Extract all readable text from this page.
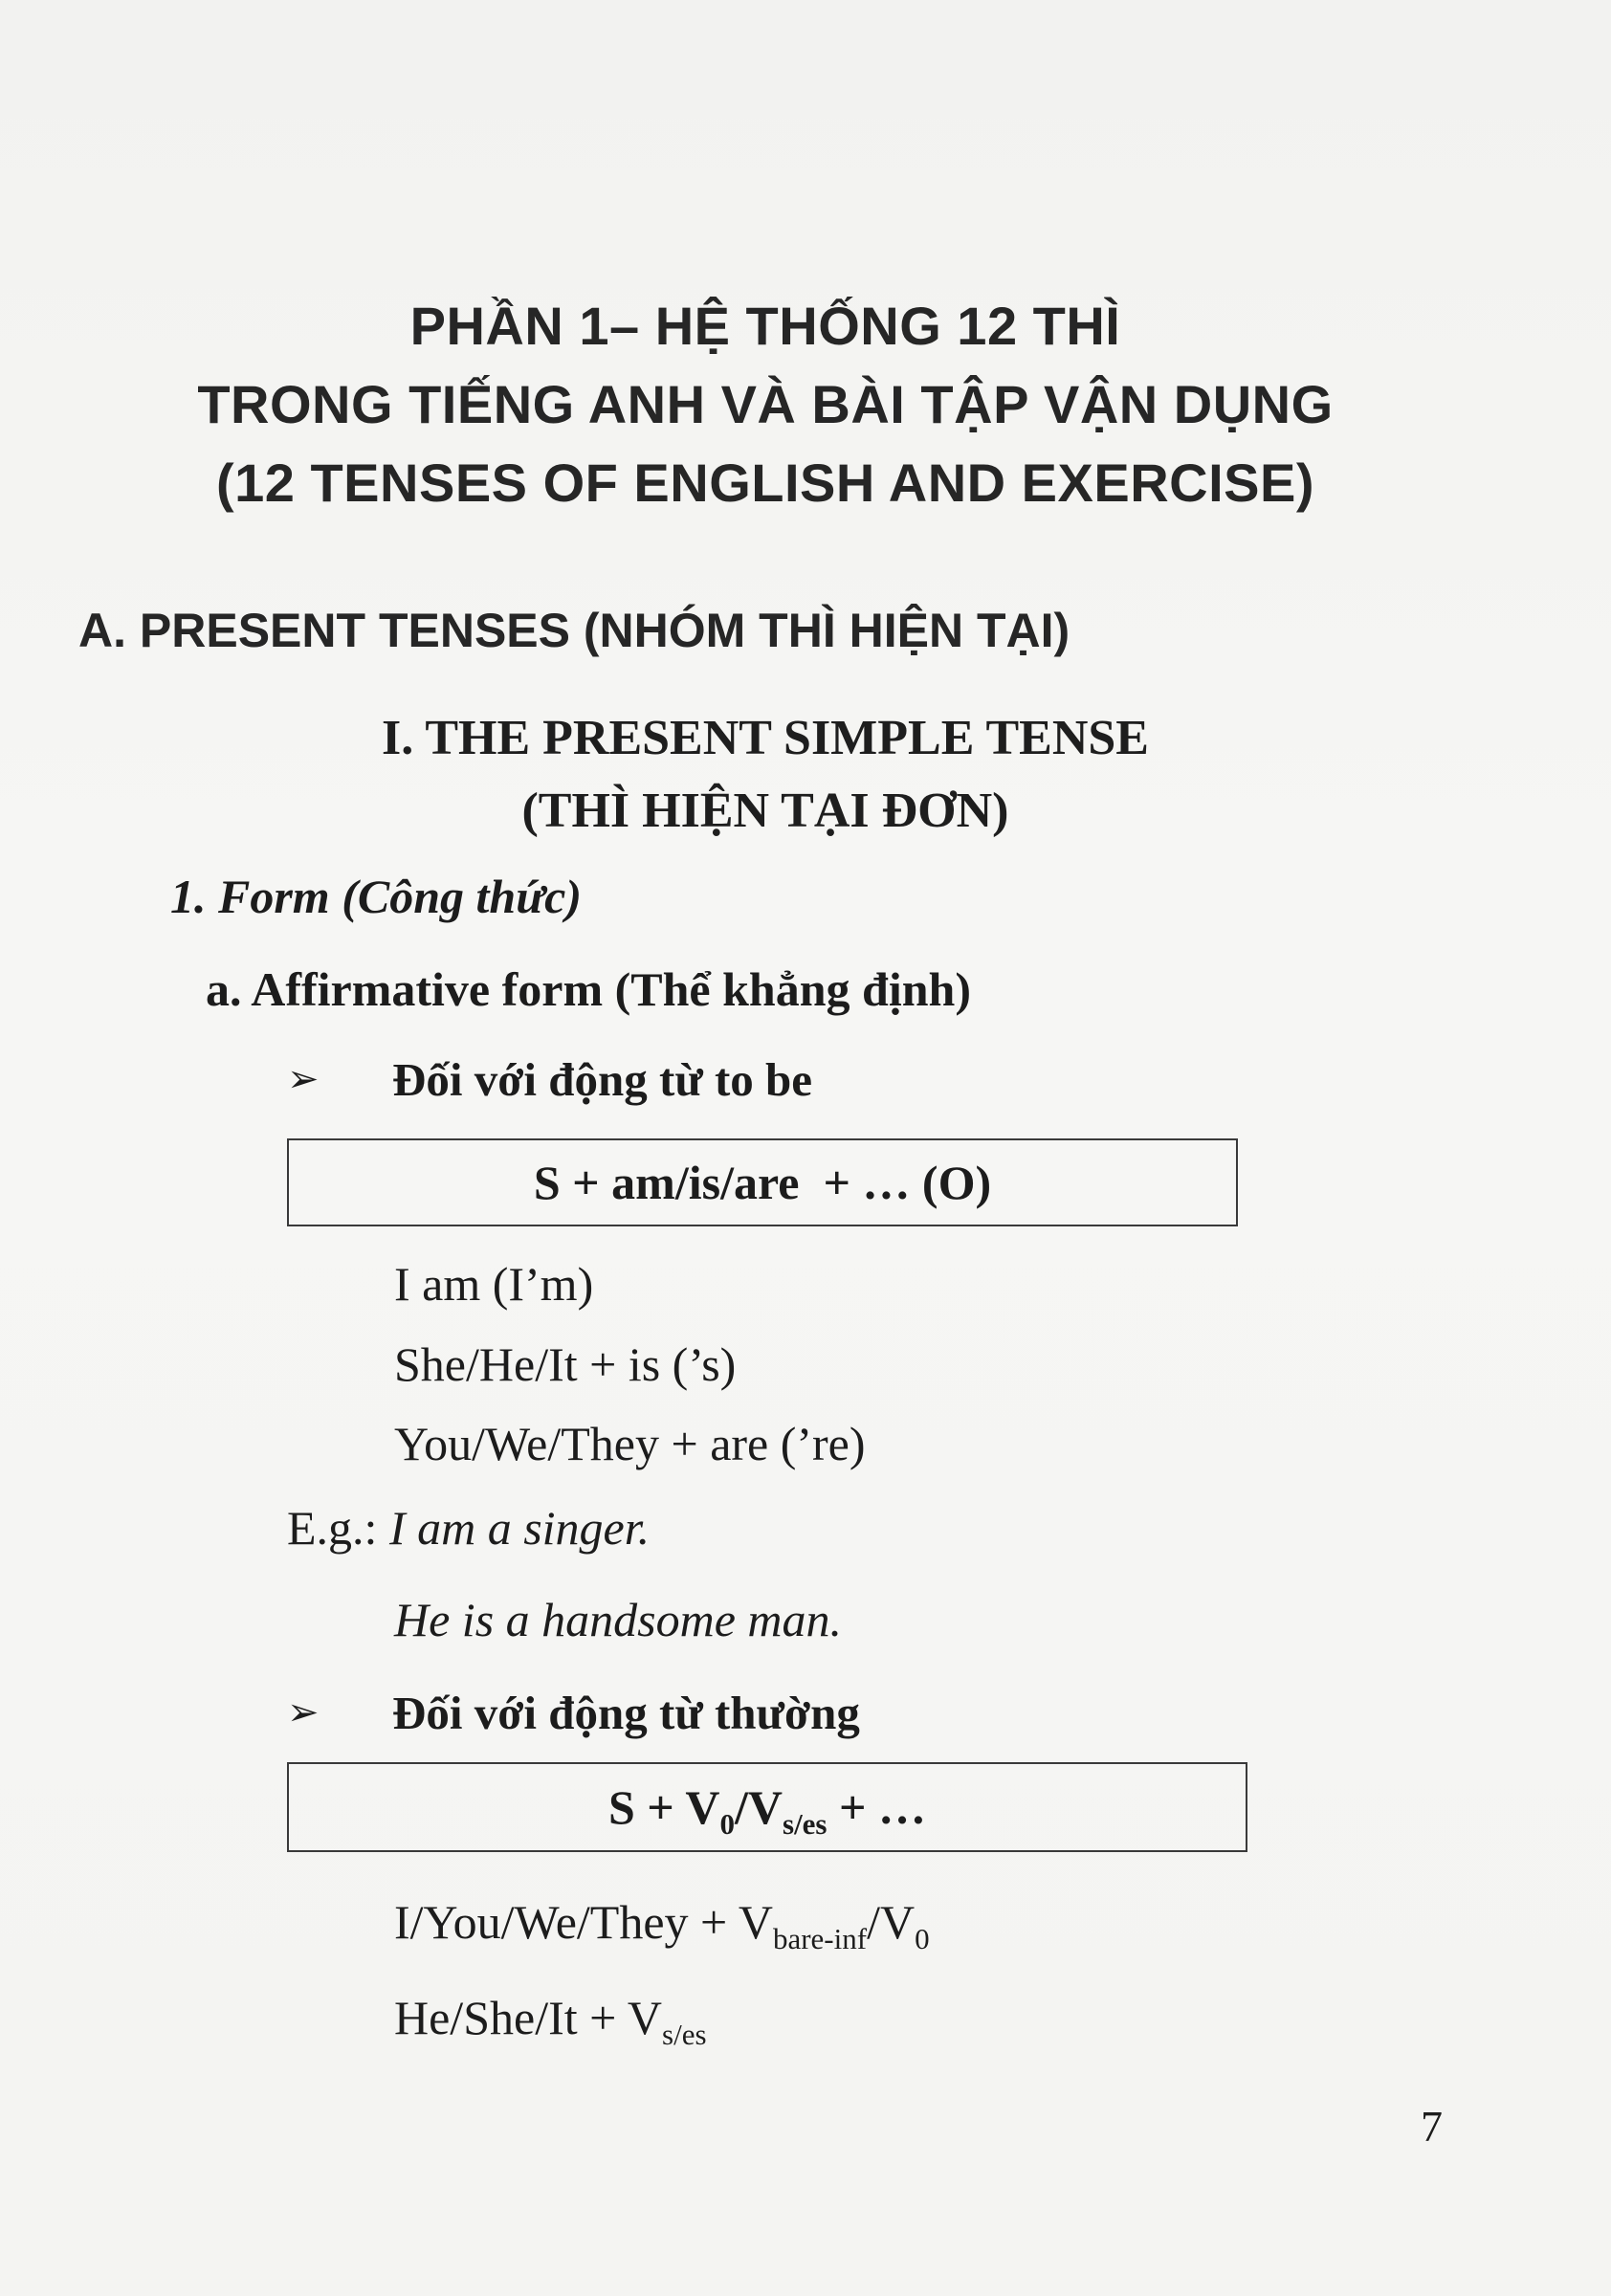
PHẦN 1– HỆ THỐNG 12 THÌ
TRONG TIẾNG ANH VÀ BÀI TẬP VẬN DỤNG
(12 TENSES OF ENGLISH AND EXERCISE)
A. PRESENT TENSES (NHÓM THÌ HIỆN TẠI)
I. THE PRESENT SIMPLE TENSE
(THÌ HIỆN TẠI ĐƠN)
1. Form (Công thức)
a. Affirmative form (Thể khẳng định)
➢ Đối với động từ to be
S + am/is/are  + … (O)
I am (I’m)
She/He/It + is (’s)
You/We/They + are (’re)
E.g.: I am a singer.
He is a handsome man.
➢ Đối với động từ thường
$S + V_0/V_{s/es}$ + …
I/You/We/They + $V_{bare-inf}/V_0$
$He/She/It + V_{s/es}$
7
